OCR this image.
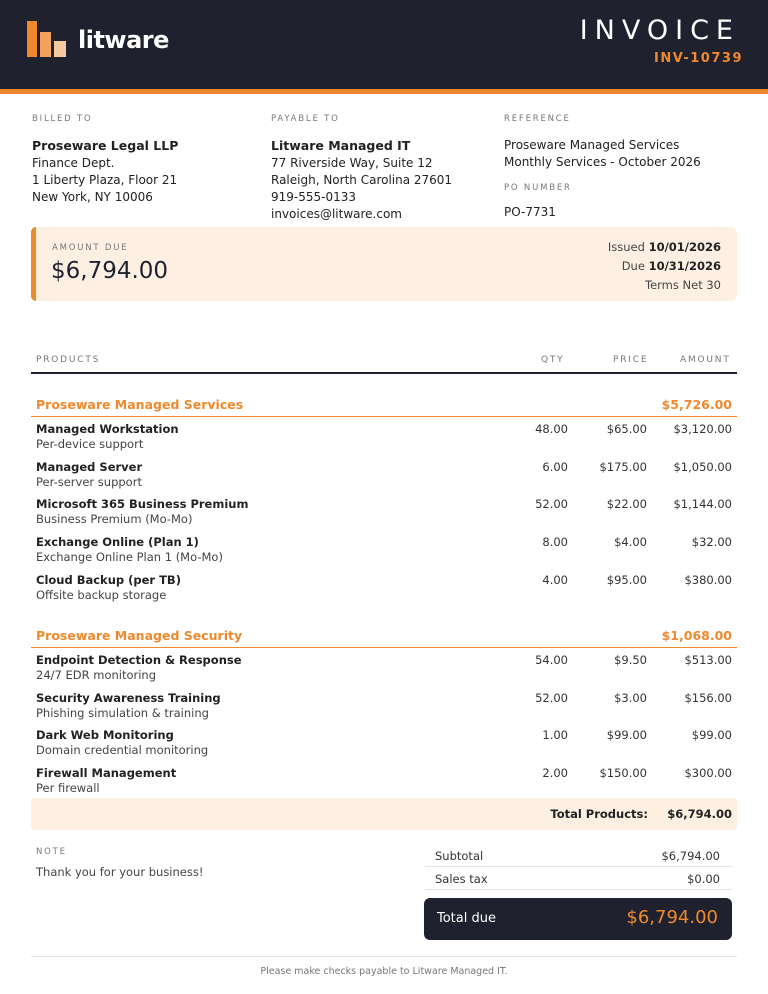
litware	INVOICE
INV-10739
BILLED TO
Proseware Legal LLP
Finance Dept.
1 Liberty Plaza, Floor 21
New York, NY 10006
PAYABLE TO
Litware Managed IT
77 Riverside Way, Suite 12
Raleigh, North Carolina 27601
919-555-0133
invoices@litware.com
REFERENCE
Proseware Managed Services
Monthly Services - October 2026
PO NUMBER
PO-7731
AMOUNT DUE
$6,794.00
Issued 10/01/2026
Due 10/31/2026
Terms Net 30
PRODUCTS	QTY	PRICE	AMOUNT
Proseware Managed Services	$5,726.00
Managed Workstation
Per-device support
48.00	$65.00 $3,120.00
Managed Server
Per-server support
6.00	$175.00 $1,050.00
Microsoft 365 Business Premium
Business Premium (Mo-Mo)
52.00	$22.00 $1,144.00
Exchange Online (Plan 1)
Exchange Online Plan 1 (Mo-Mo)
8.00	$4.00	$32.00
Cloud Backup (per TB)
Offsite backup storage
4.00	$95.00	$380.00
Proseware Managed Security	$1,068.00
Endpoint Detection & Response
24/7 EDR monitoring
54.00	$9.50	$513.00
Security Awareness Training
Phishing simulation & training
52.00	$3.00	$156.00
Dark Web Monitoring
Domain credential monitoring
1.00	$99.00	$99.00
Firewall Management
Per firewall
2.00	$150.00	$300.00
Total Products: $6,794.00
NOTE
Thank you for your business!
Subtotal	$6,794.00
Sales tax	$0.00
Total due	$6,794.00
Please make checks payable to Litware Managed IT.
